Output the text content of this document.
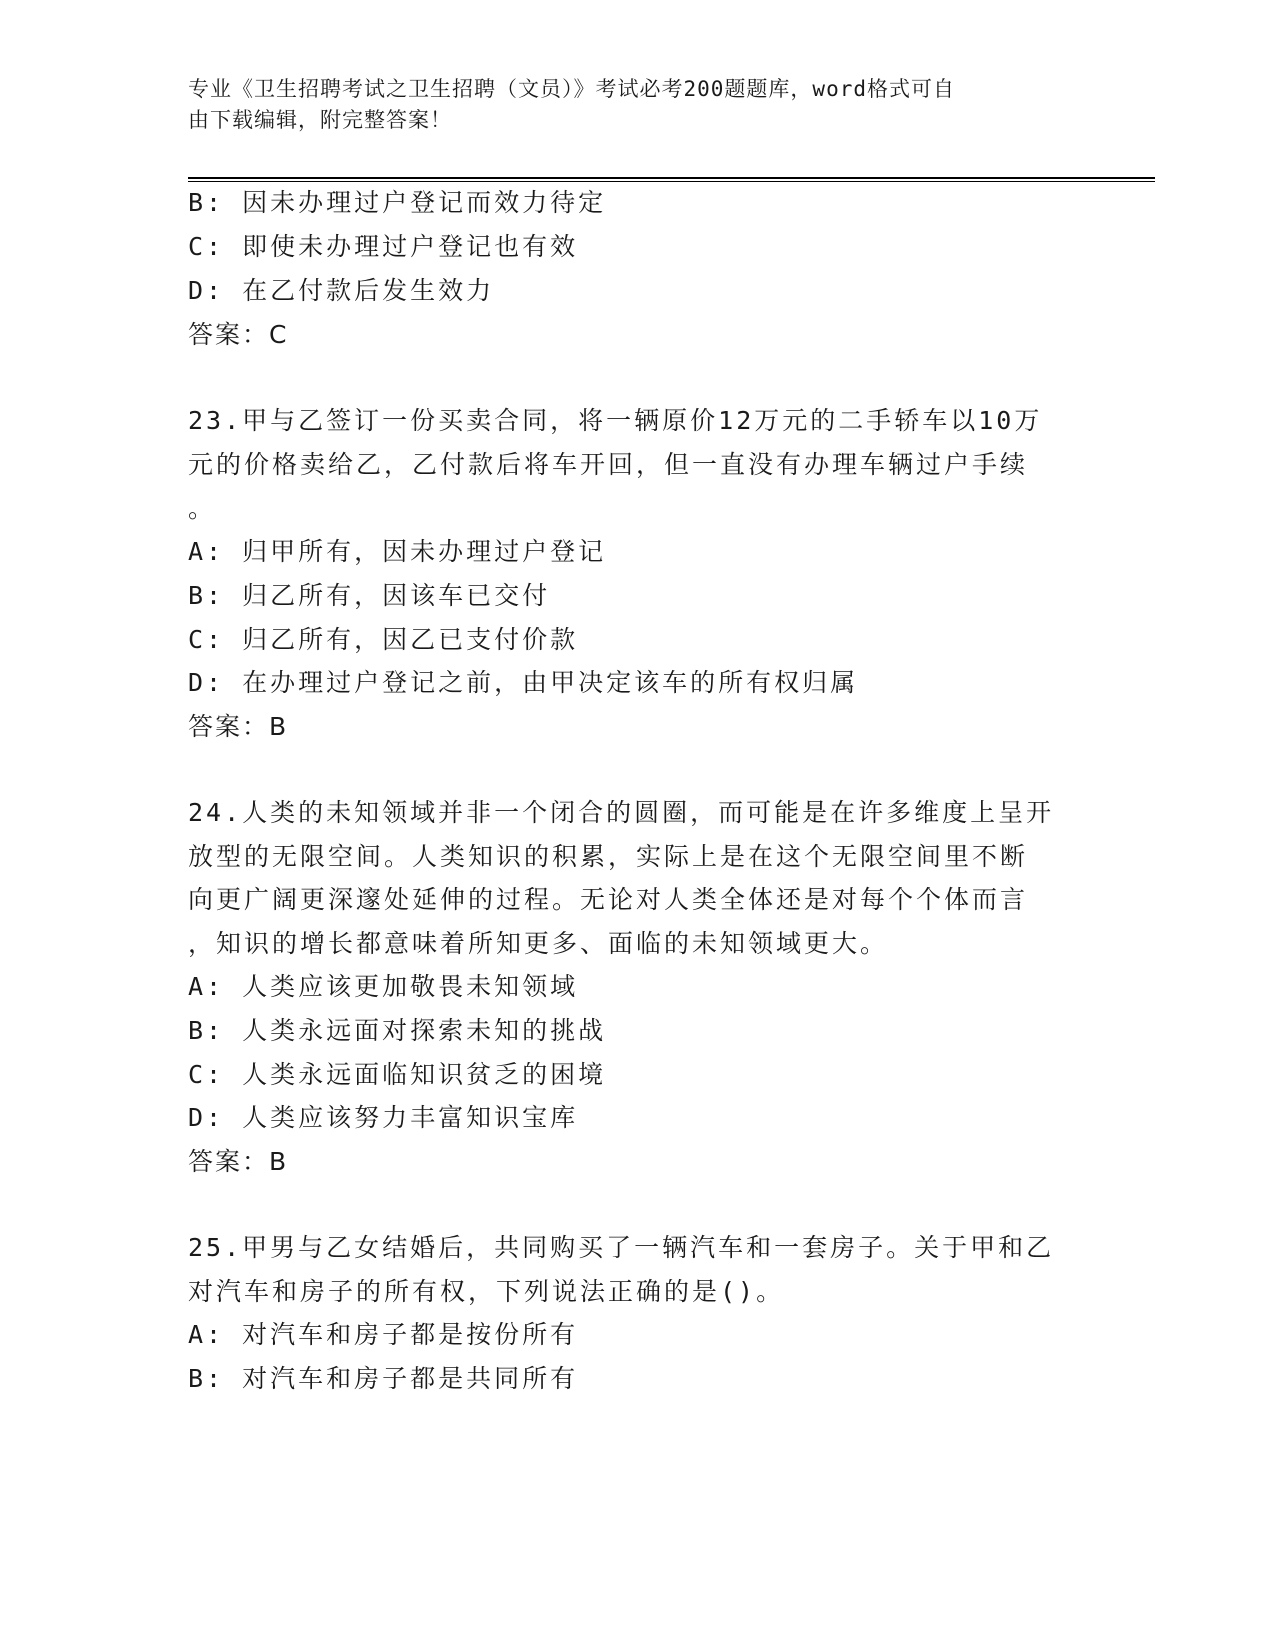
专业《卫生招聘考试之卫生招聘（文员）》考试必考200题题库，word格式可自
由下载编辑，附完整答案！
B: 因未办理过户登记而效力待定
C: 即使未办理过户登记也有效
D: 在乙付款后发生效力
答案：C
23.甲与乙签订一份买卖合同，将一辆原价12万元的二手轿车以10万
元的价格卖给乙，乙付款后将车开回，但一直没有办理车辆过户手续
。
A: 归甲所有，因未办理过户登记
B: 归乙所有，因该车已交付
C: 归乙所有，因乙已支付价款
D: 在办理过户登记之前，由甲决定该车的所有权归属
答案：B
24.人类的未知领域并非一个闭合的圆圈，而可能是在许多维度上呈开
放型的无限空间。人类知识的积累，实际上是在这个无限空间里不断
向更广阔更深邃处延伸的过程。无论对人类全体还是对每个个体而言
，知识的增长都意味着所知更多、面临的未知领域更大。
A: 人类应该更加敬畏未知领域
B: 人类永远面对探索未知的挑战
C: 人类永远面临知识贫乏的困境
D: 人类应该努力丰富知识宝库
答案：B
25.甲男与乙女结婚后，共同购买了一辆汽车和一套房子。关于甲和乙
对汽车和房子的所有权，下列说法正确的是()。
A: 对汽车和房子都是按份所有
B: 对汽车和房子都是共同所有
